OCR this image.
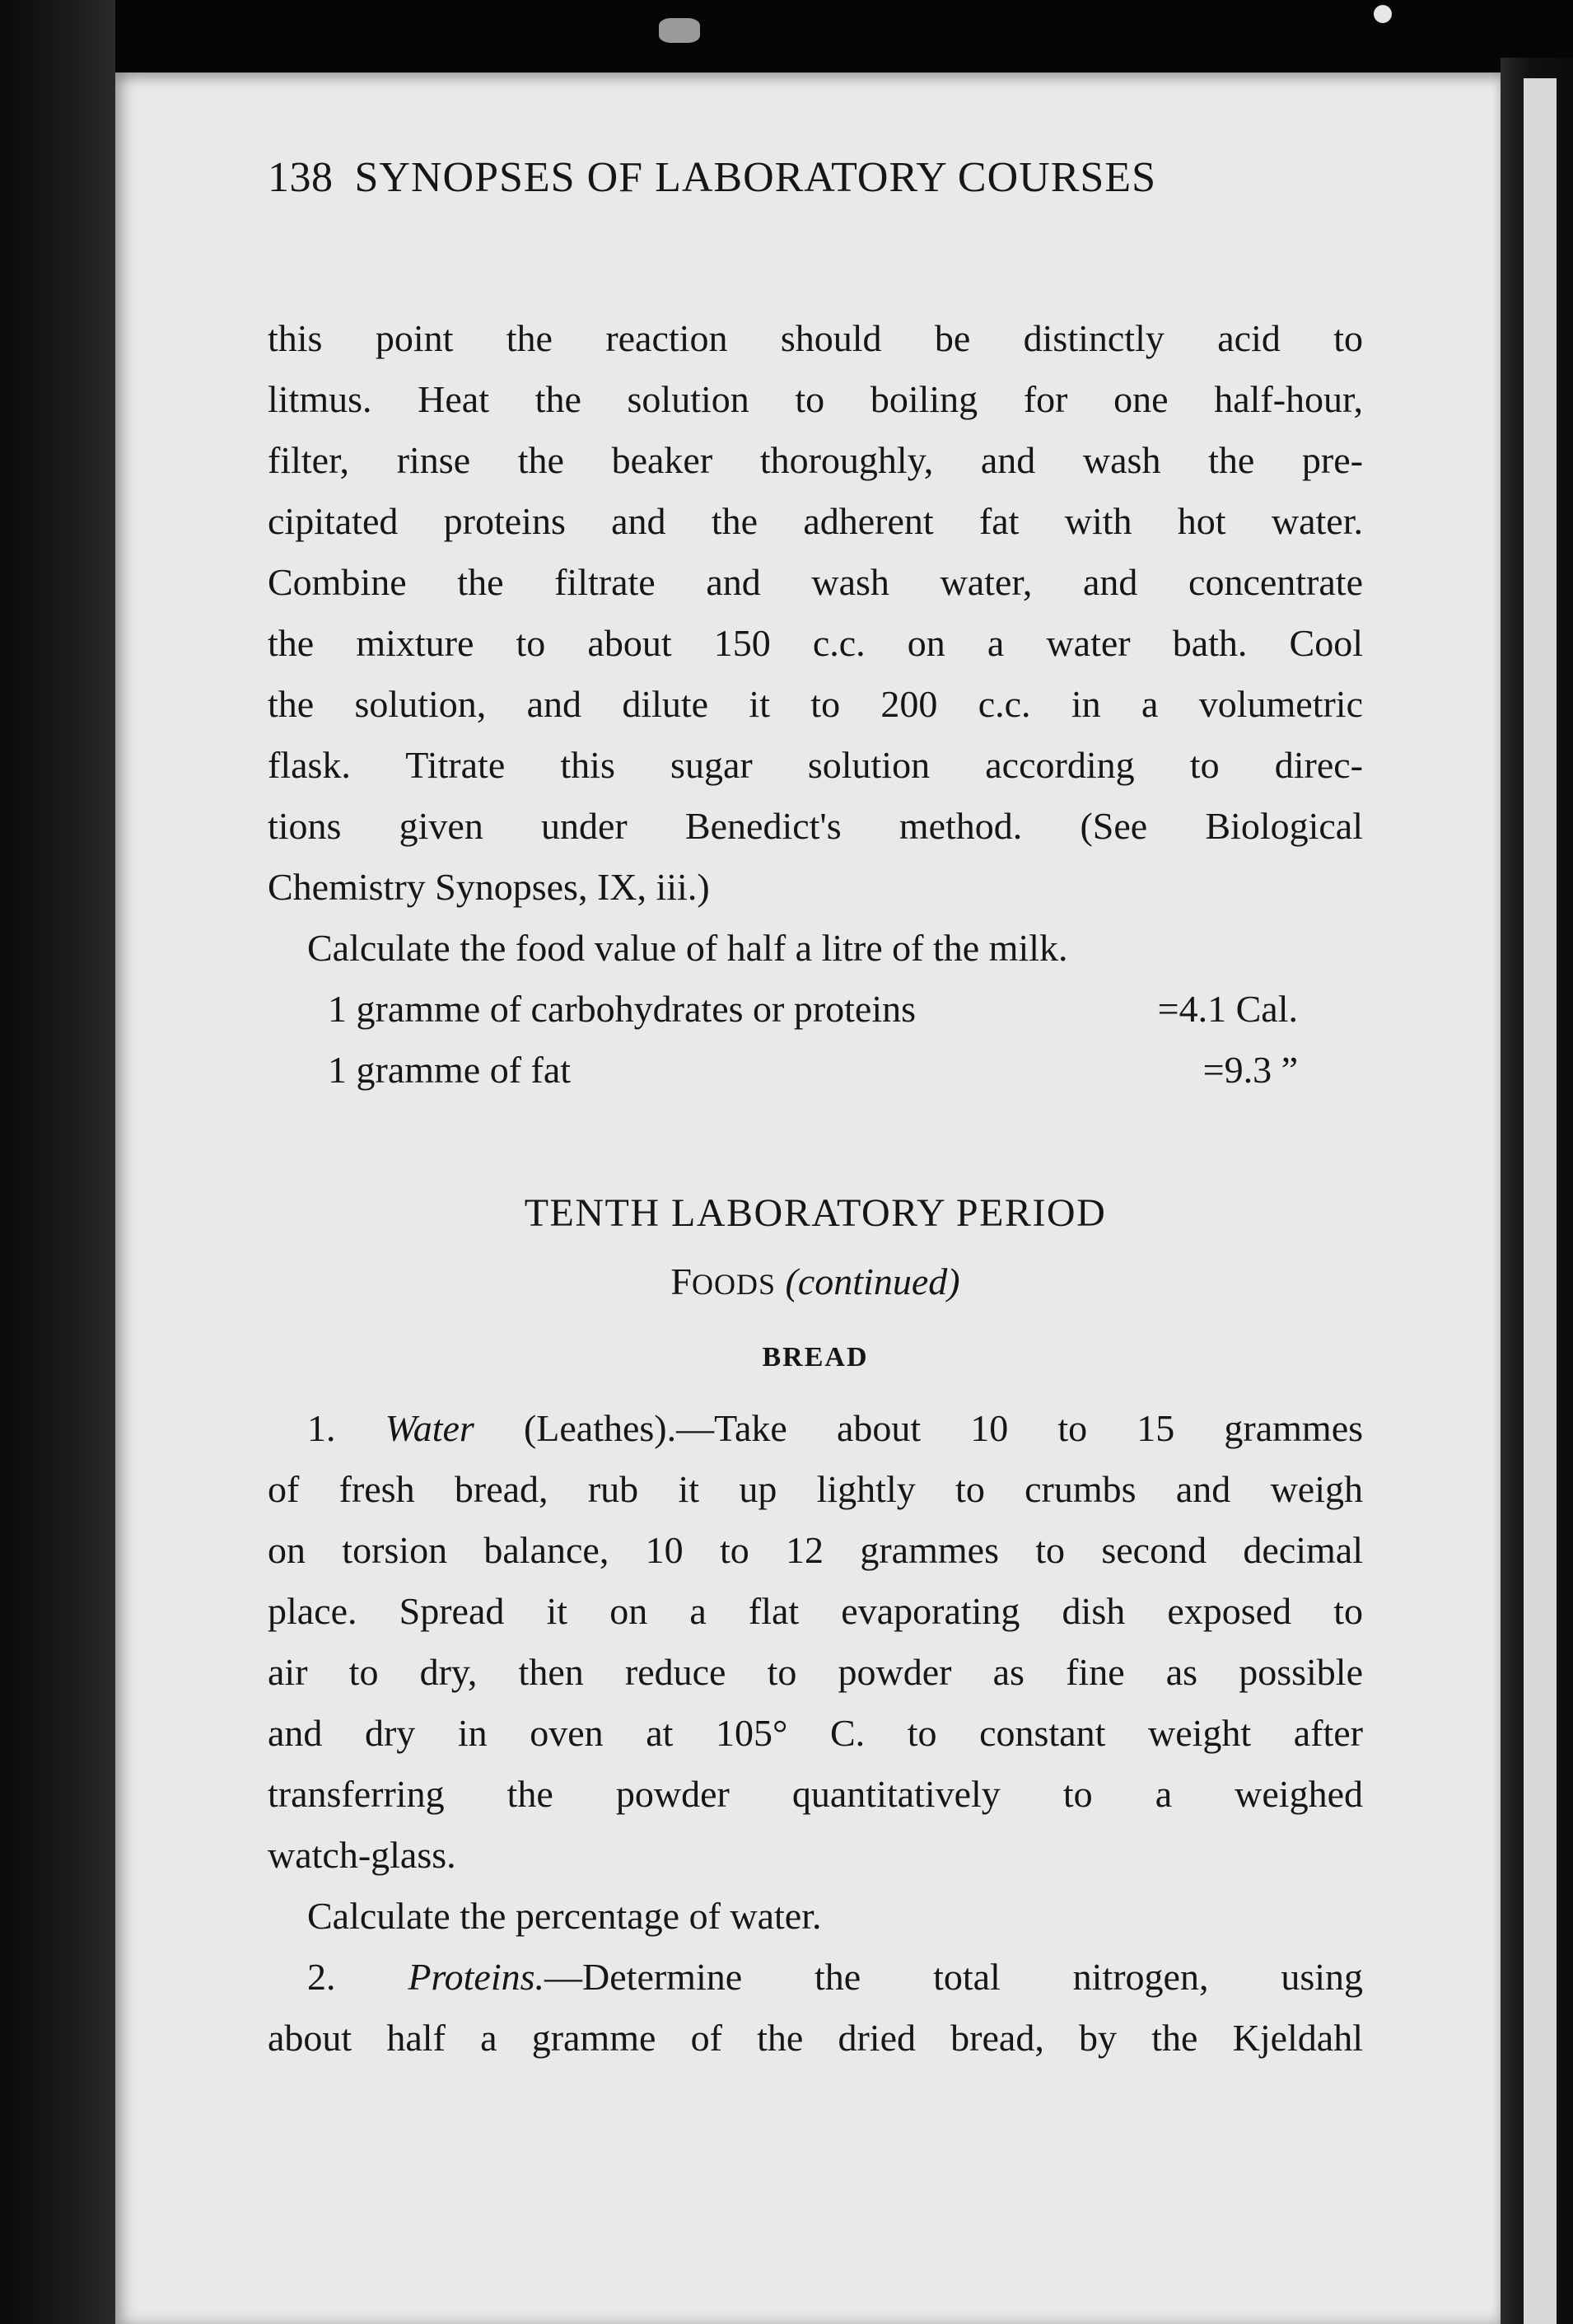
138 SYNOPSES OF LABORATORY COURSES
this point the reaction should be distinctly acid to
litmus. Heat the solution to boiling for one half-hour,
filter, rinse the beaker thoroughly, and wash the pre-
cipitated proteins and the adherent fat with hot water.
Combine the filtrate and wash water, and concentrate
the mixture to about 150 c.c. on a water bath. Cool
the solution, and dilute it to 200 c.c. in a volumetric
flask. Titrate this sugar solution according to direc-
tions given under Benedict's method. (See Biological
Chemistry Synopses, IX, iii.)
Calculate the food value of half a litre of the milk.
1 gramme of carbohydrates or proteins	=4.1 Cal.
1 gramme of fat	=9.3 ”
TENTH LABORATORY PERIOD
FOODS (continued)
BREAD
1. Water (Leathes).—Take about 10 to 15 grammes
of fresh bread, rub it up lightly to crumbs and weigh
on torsion balance, 10 to 12 grammes to second decimal
place. Spread it on a flat evaporating dish exposed to
air to dry, then reduce to powder as fine as possible
and dry in oven at 105° C. to constant weight after
transferring the powder quantitatively to a weighed
watch-glass.
Calculate the percentage of water.
2. Proteins.—Determine the total nitrogen, using
about half a gramme of the dried bread, by the Kjeldahl
